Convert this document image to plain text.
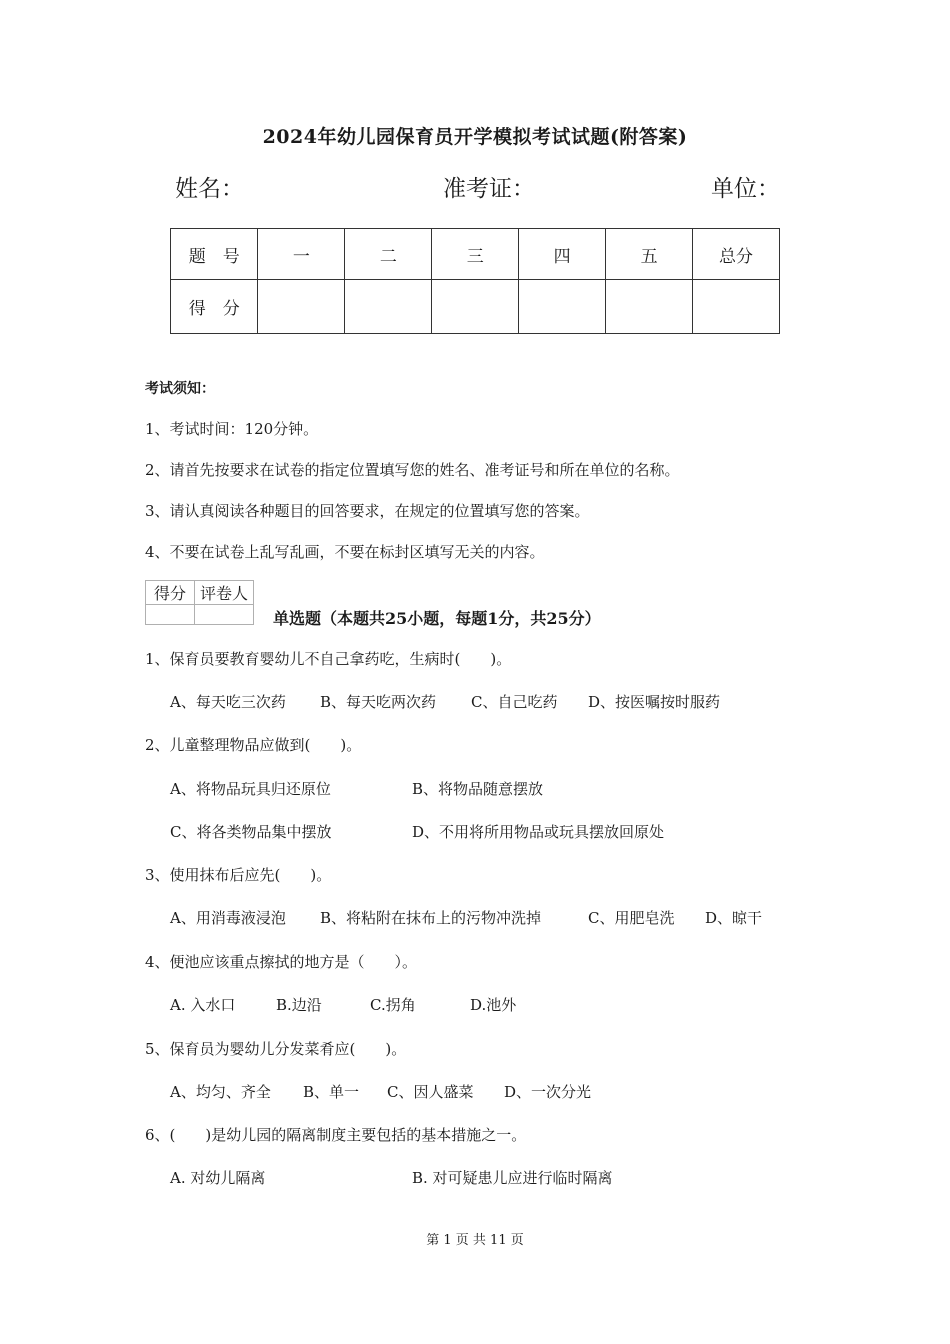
2024年幼儿园保育员开学模拟考试试题(附答案)
姓名：	准考证：	单位：
题　号	一	二	三	四	五	总分
得　分						
考试须知：
1、考试时间：120分钟。
2、请首先按要求在试卷的指定位置填写您的姓名、准考证号和所在单位的名称。
3、请认真阅读各种题目的回答要求，在规定的位置填写您的答案。
4、不要在试卷上乱写乱画，不要在标封区填写无关的内容。
得分	评卷人

单选题（本题共25小题，每题1分，共25分）
1、保育员要教育婴幼儿不自己拿药吃，生病时(　　)。
A、每天吃三次药 B、每天吃两次药 C、自己吃药 D、按医嘱按时服药
2、儿童整理物品应做到(　　)。
A、将物品玩具归还原位	B、将物品随意摆放
C、将各类物品集中摆放	D、不用将所用物品或玩具摆放回原处
3、使用抹布后应先(　　)。
A、用消毒液浸泡 B、将粘附在抹布上的污物冲洗掉	C、用肥皂洗 D、晾干
4、便池应该重点擦拭的地方是（　　）。
A. 入水口	B.边沿	C.拐角	D.池外
5、保育员为婴幼儿分发菜肴应(　　)。
A、均匀、齐全 B、单一 C、因人盛菜 D、一次分光
6、(　　)是幼儿园的隔离制度主要包括的基本措施之一。
A. 对幼儿隔离	B. 对可疑患儿应进行临时隔离
第 1 页 共 11 页
